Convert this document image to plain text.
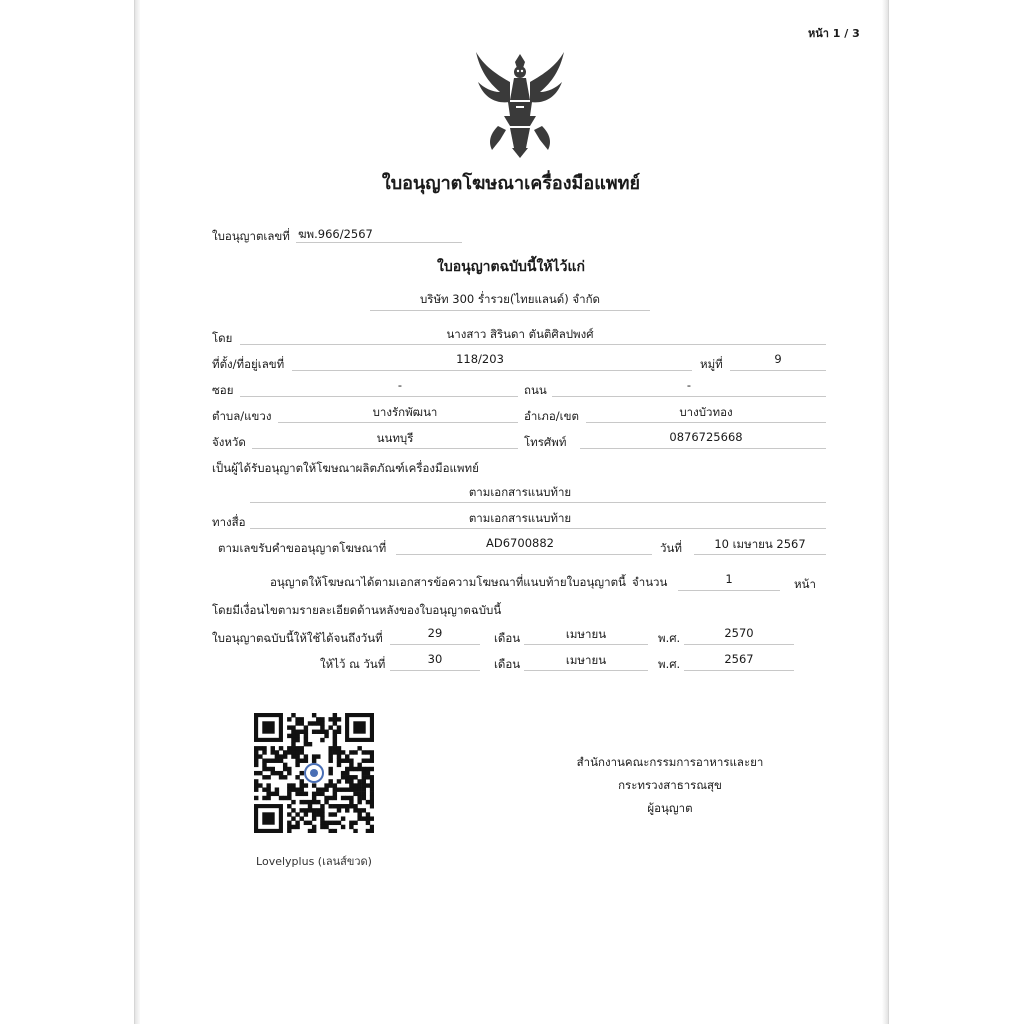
หน้า 1 / 3
ใบอนุญาตโฆษณาเครื่องมือแพทย์
ใบอนุญาตเลขที่ ฆพ.966/2567
ใบอนุญาตฉบับนี้ให้ไว้แก่
บริษัท 300 ร่ำรวย(ไทยแลนด์) จำกัด
โดย	นางสาว สิรินดา ตันติศิลปพงศ์
ที่ตั้ง/ที่อยู่เลขที่	118/203	หมู่ที่	9
ซอย	-	ถนน	-
ตำบล/แขวง	บางรักพัฒนา	อำเภอ/เขต	บางบัวทอง
จังหวัด	นนทบุรี	โทรศัพท์	0876725668
เป็นผู้ได้รับอนุญาตให้โฆษณาผลิตภัณฑ์เครื่องมือแพทย์
ตามเอกสารแนบท้าย
ทางสื่อ	ตามเอกสารแนบท้าย
ตามเลขรับคำขออนุญาตโฆษณาที่	AD6700882	วันที่	10 เมษายน 2567
อนุญาตให้โฆษณาได้ตามเอกสารข้อความโฆษณาที่แนบท้ายใบอนุญาตนี้ จำนวน	1	หน้า
โดยมีเงื่อนไขตามรายละเอียดด้านหลังของใบอนุญาตฉบับนี้
ใบอนุญาตฉบับนี้ให้ใช้ได้จนถึงวันที่	29	เดือน	เมษายน	พ.ศ.	2570
ให้ไว้ ณ วันที่	30	เดือน	เมษายน	พ.ศ.	2567
Lovelyplus (เลนส์ขวด)
สำนักงานคณะกรรมการอาหารและยา
กระทรวงสาธารณสุข
ผู้อนุญาต
